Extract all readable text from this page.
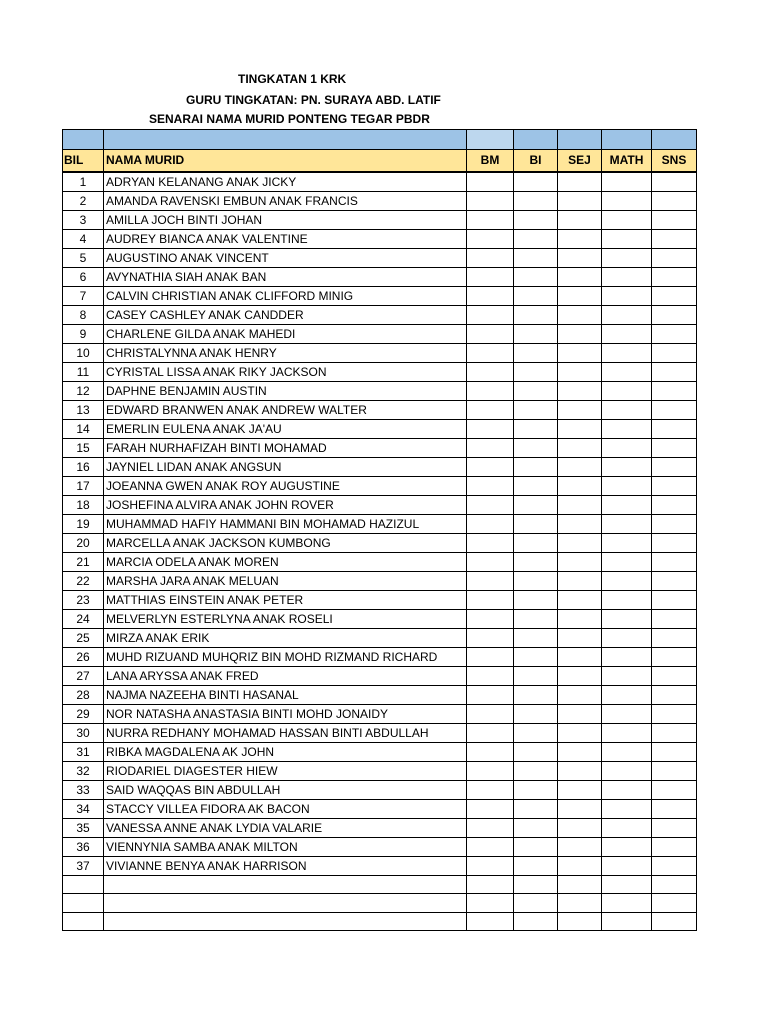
TINGKATAN 1 KRK
GURU TINGKATAN: PN. SURAYA ABD. LATIF
SENARAI NAMA MURID PONTENG TEGAR PBDR

BIL	NAMA MURID	BM	BI	SEJ	MATH	SNS
1	ADRYAN KELANANG ANAK JICKY					
2	AMANDA RAVENSKI EMBUN ANAK FRANCIS					
3	AMILLA JOCH BINTI JOHAN					
4	AUDREY BIANCA ANAK VALENTINE					
5	AUGUSTINO ANAK VINCENT					
6	AVYNATHIA SIAH ANAK BAN					
7	CALVIN CHRISTIAN ANAK CLIFFORD MINIG					
8	CASEY CASHLEY ANAK CANDDER					
9	CHARLENE GILDA ANAK MAHEDI					
10	CHRISTALYNNA ANAK HENRY					
11	CYRISTAL LISSA ANAK RIKY JACKSON					
12	DAPHNE BENJAMIN AUSTIN					
13	EDWARD BRANWEN ANAK ANDREW WALTER					
14	EMERLIN EULENA ANAK JA'AU					
15	FARAH NURHAFIZAH BINTI MOHAMAD					
16	JAYNIEL LIDAN ANAK ANGSUN					
17	JOEANNA GWEN ANAK ROY AUGUSTINE					
18	JOSHEFINA ALVIRA ANAK JOHN ROVER					
19	MUHAMMAD HAFIY HAMMANI BIN MOHAMAD HAZIZUL					
20	MARCELLA ANAK JACKSON KUMBONG					
21	MARCIA ODELA ANAK MOREN					
22	MARSHA JARA ANAK MELUAN					
23	MATTHIAS EINSTEIN ANAK PETER					
24	MELVERLYN ESTERLYNA ANAK ROSELI					
25	MIRZA ANAK ERIK					
26	MUHD RIZUAND MUHQRIZ BIN MOHD RIZMAND RICHARD					
27	LANA ARYSSA ANAK FRED					
28	NAJMA NAZEEHA BINTI HASANAL					
29	NOR NATASHA ANASTASIA BINTI MOHD JONAIDY					
30	NURRA REDHANY MOHAMAD HASSAN BINTI ABDULLAH					
31	RIBKA MAGDALENA AK JOHN					
32	RIODARIEL DIAGESTER HIEW					
33	SAID WAQQAS BIN ABDULLAH					
34	STACCY VILLEA FIDORA AK BACON					
35	VANESSA ANNE ANAK LYDIA VALARIE					
36	VIENNYNIA SAMBA ANAK MILTON					
37	VIVIANNE BENYA ANAK HARRISON					
